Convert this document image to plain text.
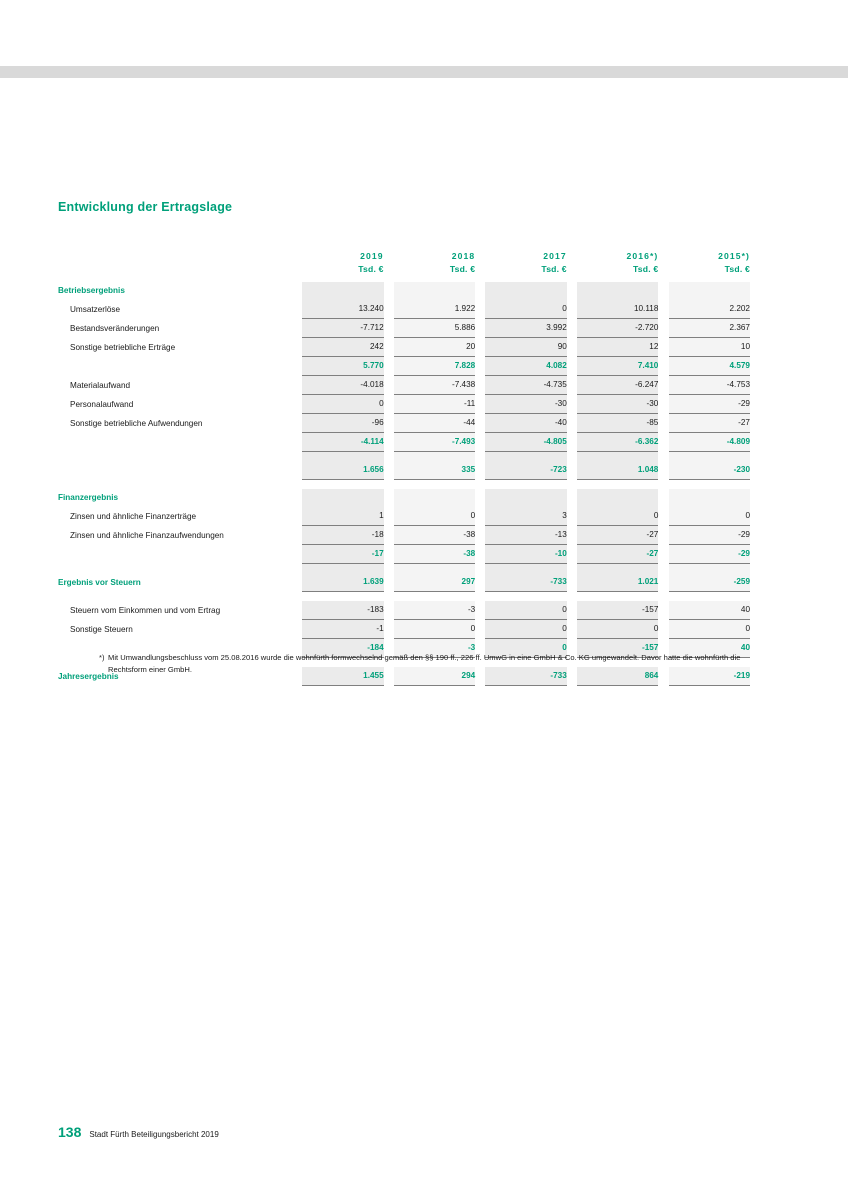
Entwicklung der Ertragslage
	2019		2018		2017		2016*)		2015*)
	Tsd. €		Tsd. €		Tsd. €		Tsd. €		Tsd. €
Betriebsergebnis									
Umsatzerlöse	13.240		1.922		0		10.118		2.202
Bestandsveränderungen	-7.712		5.886		3.992		-2.720		2.367
Sonstige betriebliche Erträge	242		20		90		12		10
	5.770		7.828		4.082		7.410		4.579
Materialaufwand	-4.018		-7.438		-4.735		-6.247		-4.753
Personalaufwand	0		-11		-30		-30		-29
Sonstige betriebliche Aufwendungen	-96		-44		-40		-85		-27
	-4.114		-7.493		-4.805		-6.362		-4.809

	1.656		335		-723		1.048		-230

Finanzergebnis									
Zinsen und ähnliche Finanzerträge	1		0		3		0		0
Zinsen und ähnliche Finanzaufwendungen	-18		-38		-13		-27		-29
	-17		-38		-10		-27		-29

Ergebnis vor Steuern	1.639		297		-733		1.021		-259

Steuern vom Einkommen und vom Ertrag	-183		-3		0		-157		40
Sonstige Steuern	-1		0		0		0		0
	-184		-3		0		-157		40

Jahresergebnis	1.455		294		-733		864		-219
*) Mit Umwandlungsbeschluss vom 25.08.2016 wurde die wohnfürth formwechselnd gemäß den §§ 190 ff., 226 ff. UmwG in eine GmbH & Co. KG umgewandelt. Davor hatte die wohnfürth die Rechtsform einer GmbH.
138 Stadt Fürth Beteiligungsbericht 2019
